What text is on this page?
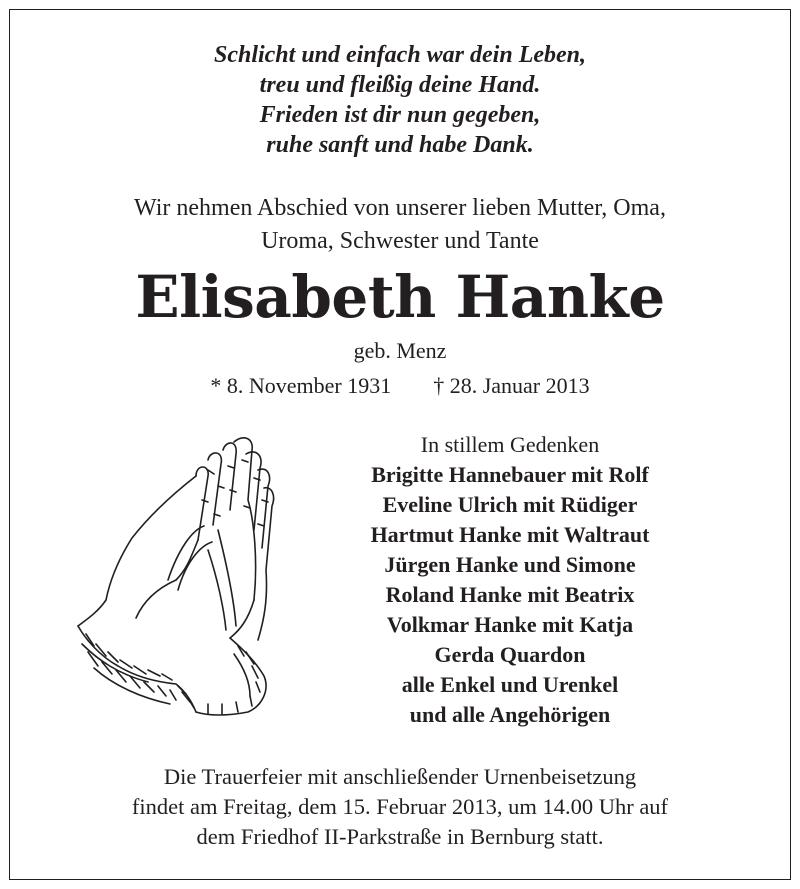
Schlicht und einfach war dein Leben,
treu und fleißig deine Hand.
Frieden ist dir nun gegeben,
ruhe sanft und habe Dank.
Wir nehmen Abschied von unserer lieben Mutter, Oma,
Uroma, Schwester und Tante
Elisabeth Hanke
geb. Menz
* 8. November 1931 † 28. Januar 2013
In stillem Gedenken
Brigitte Hannebauer mit Rolf
Eveline Ulrich mit Rüdiger
Hartmut Hanke mit Waltraut
Jürgen Hanke und Simone
Roland Hanke mit Beatrix
Volkmar Hanke mit Katja
Gerda Quardon
alle Enkel und Urenkel
und alle Angehörigen
Die Trauerfeier mit anschließender Urnenbeisetzung
findet am Freitag, dem 15. Februar 2013, um 14.00 Uhr auf
dem Friedhof II-Parkstraße in Bernburg statt.
